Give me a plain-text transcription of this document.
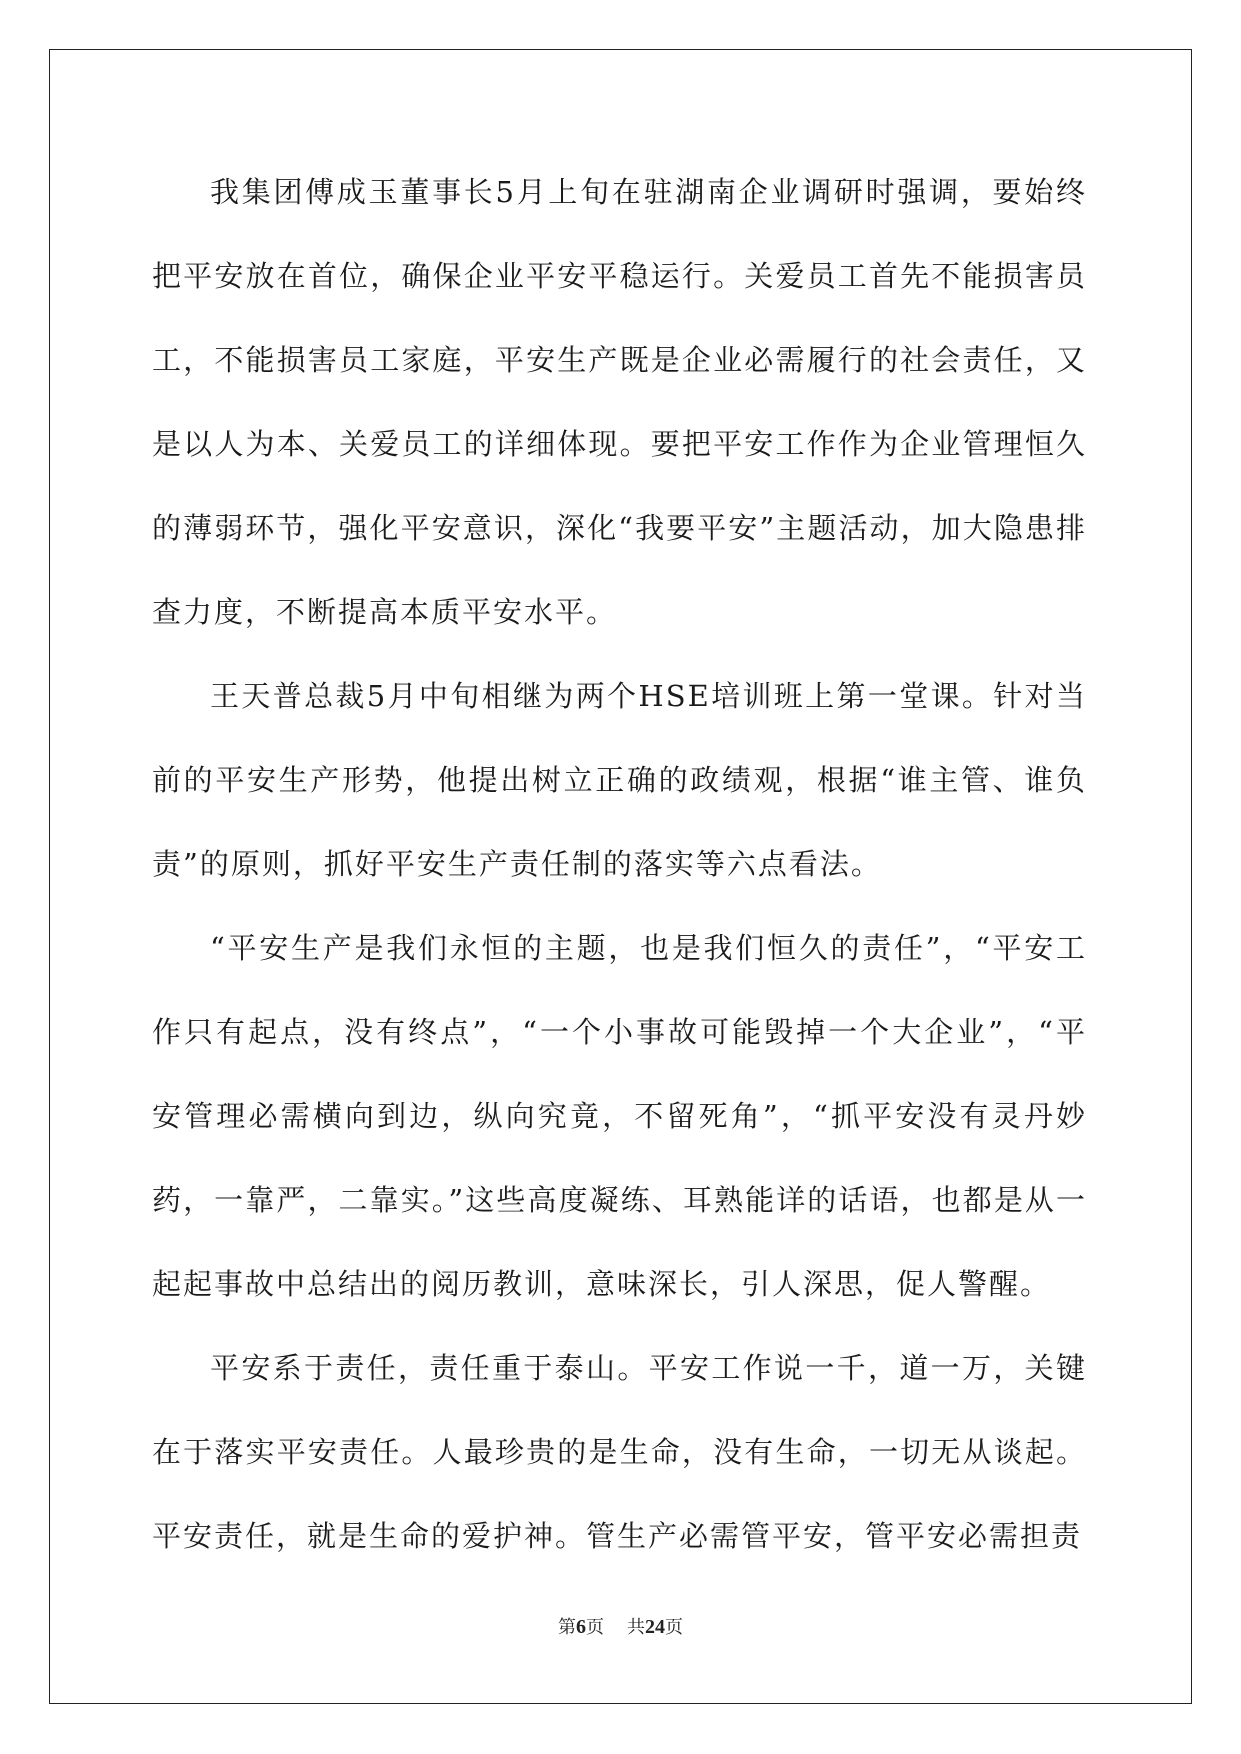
我集团傅成玉董事长5月上旬在驻湖南企业调研时强调，要始终把平安放在首位，确保企业平安平稳运行。关爱员工首先不能损害员工，不能损害员工家庭，平安生产既是企业必需履行的社会责任，又是以人为本、关爱员工的详细体现。要把平安工作作为企业管理恒久的薄弱环节，强化平安意识，深化“我要平安”主题活动，加大隐患排查力度，不断提高本质平安水平。

王天普总裁5月中旬相继为两个HSE培训班上第一堂课。针对当前的平安生产形势，他提出树立正确的政绩观，根据“谁主管、谁负责”的原则，抓好平安生产责任制的落实等六点看法。

“平安生产是我们永恒的主题，也是我们恒久的责任”，“平安工作只有起点，没有终点”，“一个小事故可能毁掉一个大企业”，“平安管理必需横向到边，纵向究竟，不留死角”，“抓平安没有灵丹妙药，一靠严，二靠实。”这些高度凝练、耳熟能详的话语，也都是从一起起事故中总结出的阅历教训，意味深长，引人深思，促人警醒。

平安系于责任，责任重于泰山。平安工作说一千，道一万，关键在于落实平安责任。人最珍贵的是生命，没有生命，一切无从谈起。平安责任，就是生命的爱护神。管生产必需管平安，管平安必需担责

第6页 共24页
